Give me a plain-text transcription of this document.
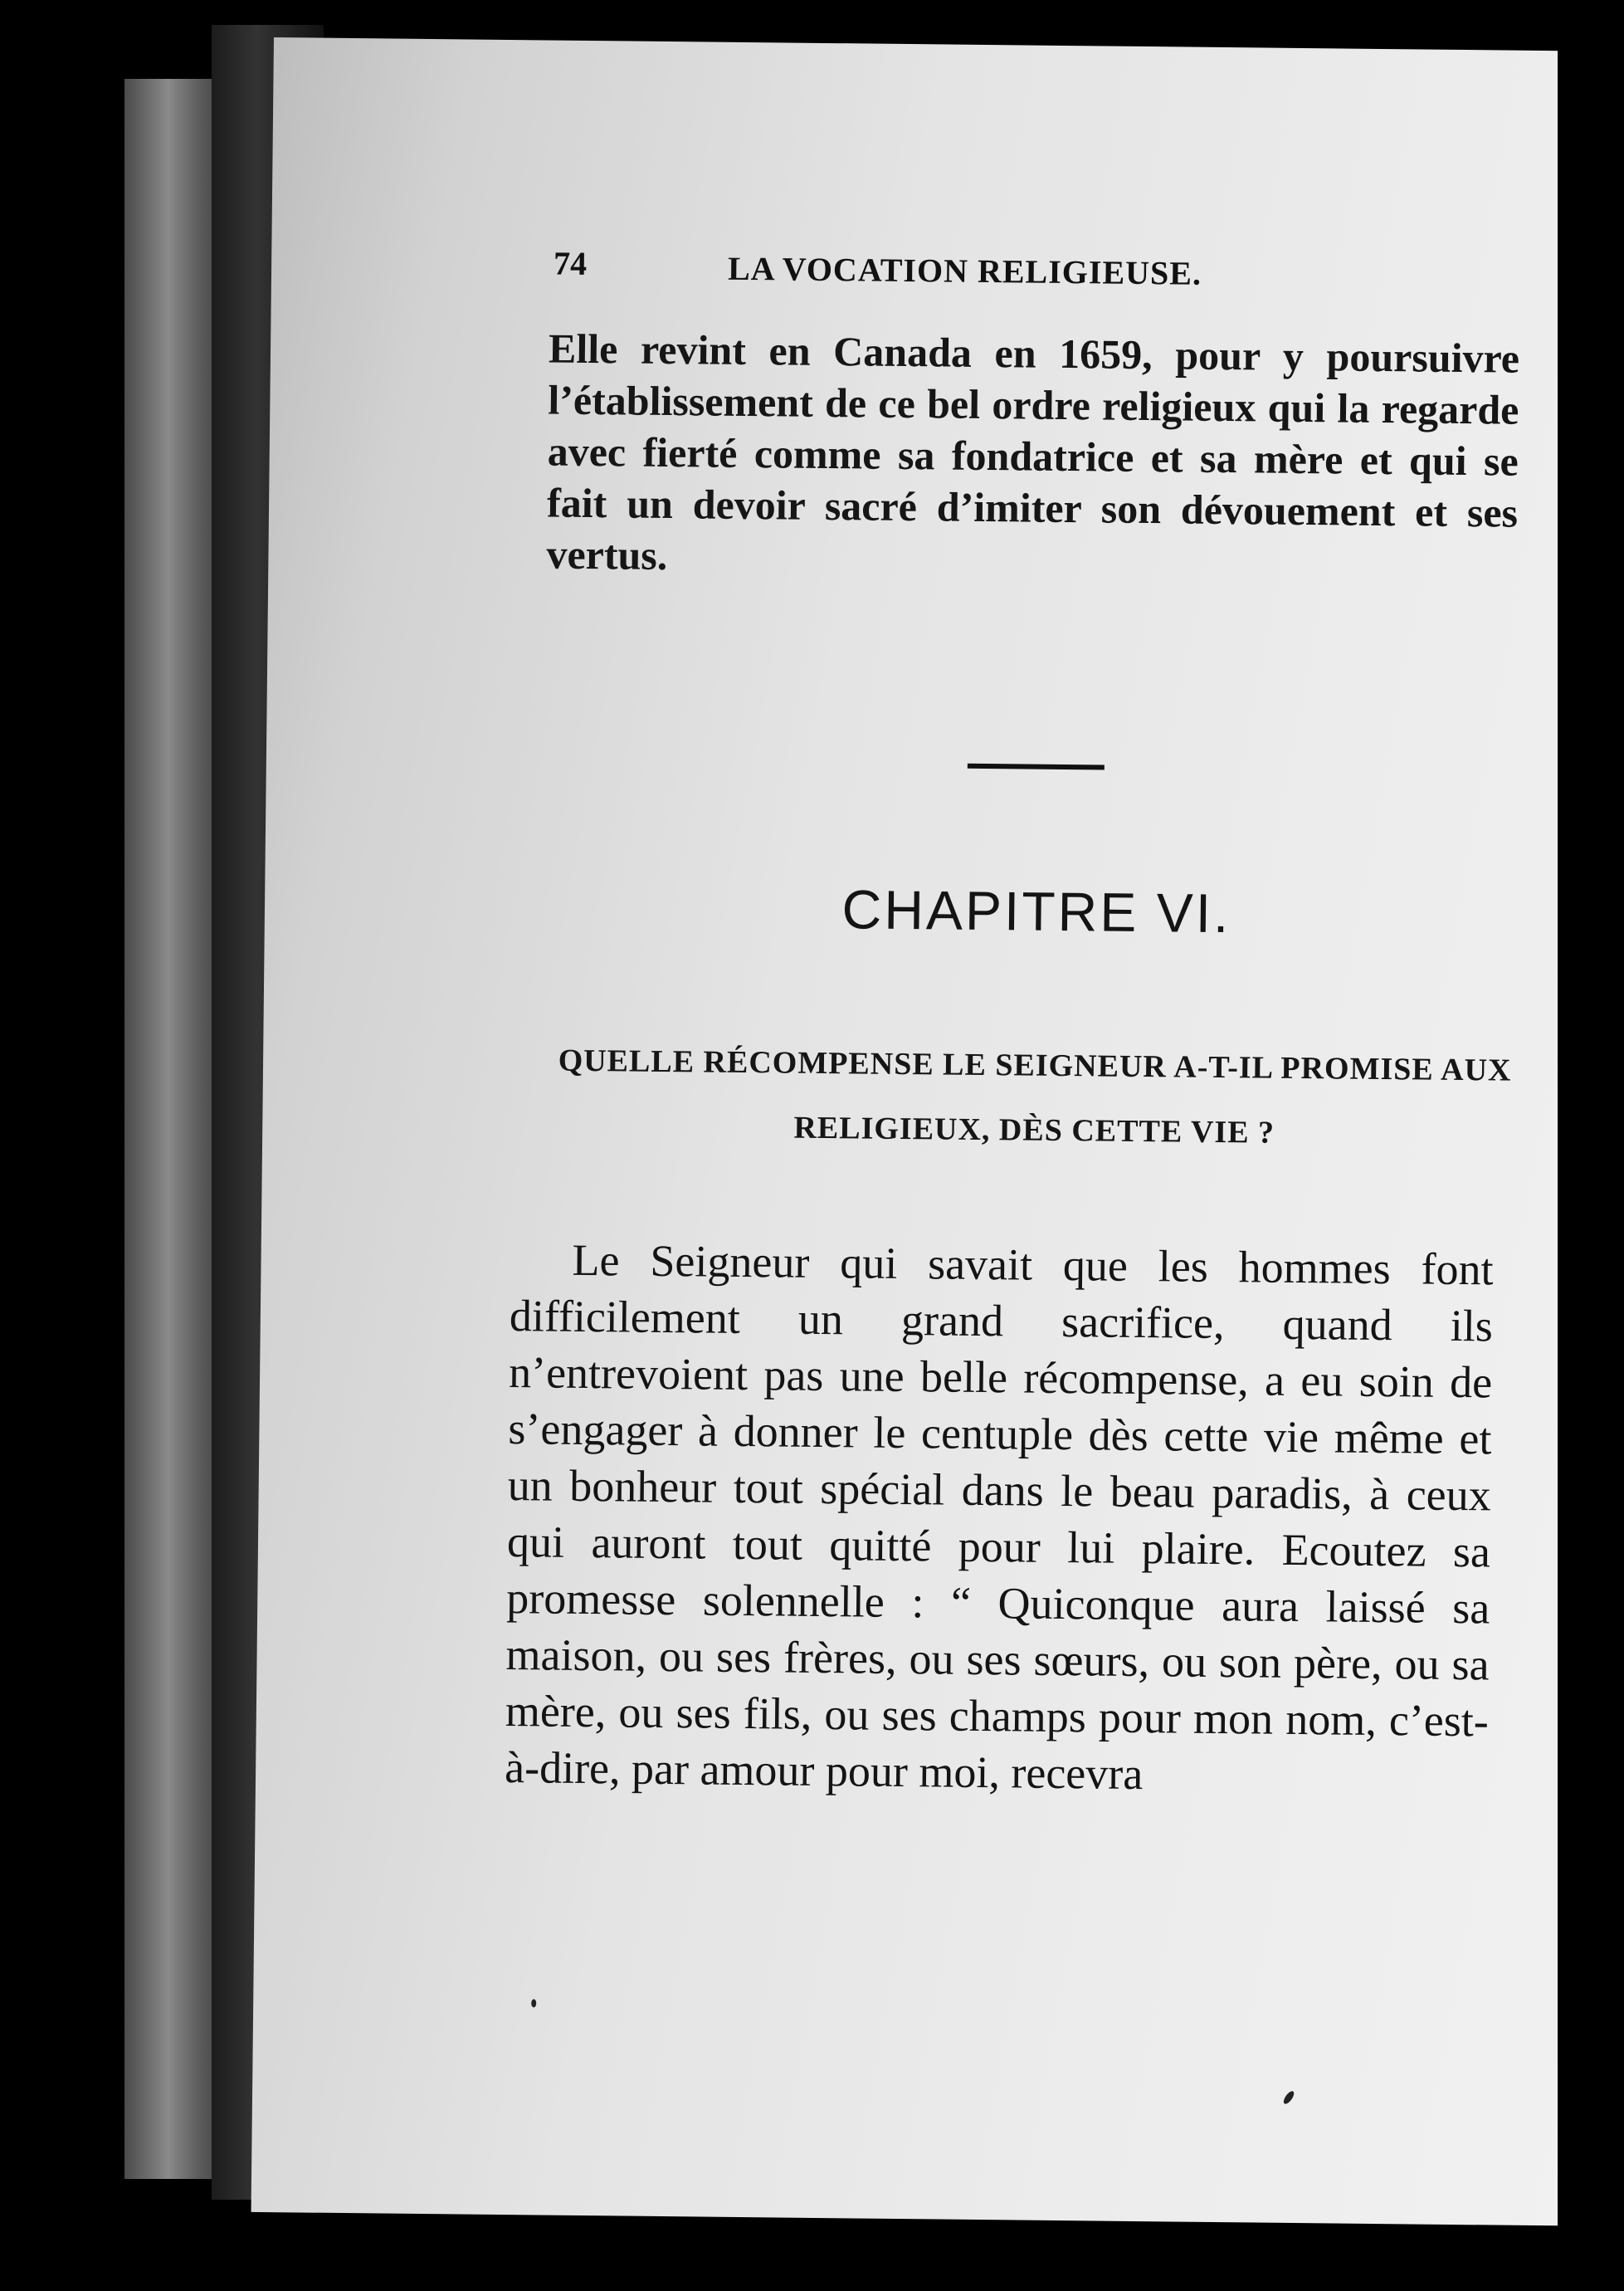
74	LA VOCATION RELIGIEUSE.
Elle revint en Canada en 1659, pour y poursuivre l’établissement de ce bel ordre religieux qui la regarde avec fierté comme sa fondatrice et sa mère et qui se fait un devoir sacré d’imiter son dévouement et ses vertus.
CHAPITRE VI.
QUELLE RÉCOMPENSE LE SEIGNEUR A-T-IL PROMISE AUX RELIGIEUX, DÈS CETTE VIE ?
Le Seigneur qui savait que les hommes font difficilement un grand sacrifice, quand ils n’entrevoient pas une belle récompense, a eu soin de s’engager à donner le centuple dès cette vie même et un bonheur tout spécial dans le beau paradis, à ceux qui auront tout quitté pour lui plaire. Ecoutez sa promesse solennelle : “ Quiconque aura laissé sa maison, ou ses frères, ou ses sœurs, ou son père, ou sa mère, ou ses fils, ou ses champs pour mon nom, c’est-à-dire, par amour pour moi, recevra
